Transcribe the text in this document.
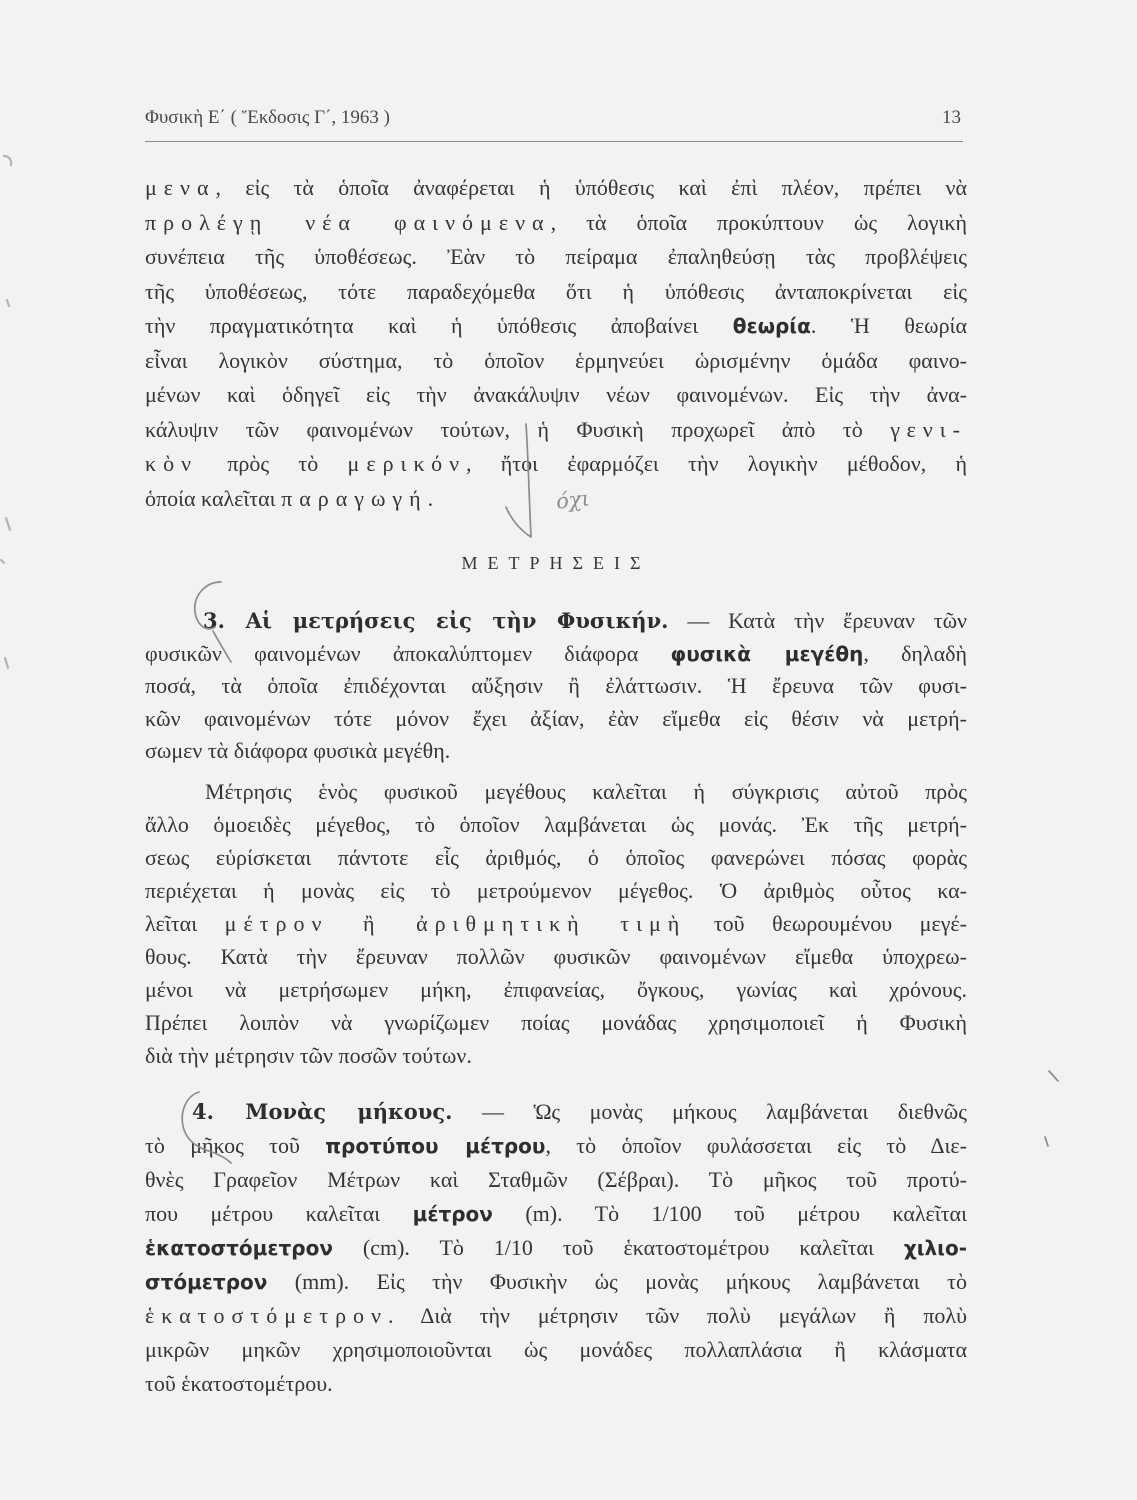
Φυσικὴ Ε΄ ( Ἔκδοσις Γ΄, 1963 )	13
μενα, εἰς τὰ ὁποῖα ἀναφέρεται ἡ ὑπόθεσις καὶ ἐπὶ πλέον, πρέπει νὰ
προλέγῃ νέα φαινόμενα, τὰ ὁποῖα προκύπτουν ὡς λογικὴ
συνέπεια τῆς ὑποθέσεως. Ἐὰν τὸ πείραμα ἐπαληθεύσῃ τὰς προβλέψεις
τῆς ὑποθέσεως, τότε παραδεχόμεθα ὅτι ἡ ὑπόθεσις ἀνταποκρίνεται εἰς
τὴν πραγματικότητα καὶ ἡ ὑπόθεσις ἀποβαίνει θεωρία. Ἡ θεωρία
εἶναι λογικὸν σύστημα, τὸ ὁποῖον ἑρμηνεύει ὡρισμένην ὁμάδα φαινο-
μένων καὶ ὁδηγεῖ εἰς τὴν ἀνακάλυψιν νέων φαινομένων. Εἰς τὴν ἀνα-
κάλυψιν τῶν φαινομένων τούτων, ἡ Φυσικὴ προχωρεῖ ἀπὸ τὸ γενι-
κὸν πρὸς τὸ μερικόν, ἤτοι ἐφαρμόζει τὴν λογικὴν μέθοδον, ἡ
ὁποία καλεῖται παραγωγή.	όχι
ΜΕΤΡΗΣΕΙΣ
3. Αἱ μετρήσεις εἰς τὴν Φυσικήν. — Κατὰ τὴν ἔρευναν τῶν
φυσικῶν φαινομένων ἀποκαλύπτομεν διάφορα φυσικὰ μεγέθη, δηλαδὴ
ποσά, τὰ ὁποῖα ἐπιδέχονται αὔξησιν ἢ ἐλάττωσιν. Ἡ ἔρευνα τῶν φυσι-
κῶν φαινομένων τότε μόνον ἔχει ἀξίαν, ἐὰν εἴμεθα εἰς θέσιν νὰ μετρή-
σωμεν τὰ διάφορα φυσικὰ μεγέθη.
Μέτρησις ἑνὸς φυσικοῦ μεγέθους καλεῖται ἡ σύγκρισις αὐτοῦ πρὸς
ἄλλο ὁμοειδὲς μέγεθος, τὸ ὁποῖον λαμβάνεται ὡς μονάς. Ἐκ τῆς μετρή-
σεως εὑρίσκεται πάντοτε εἷς ἀριθμός, ὁ ὁποῖος φανερώνει πόσας φορὰς
περιέχεται ἡ μονὰς εἰς τὸ μετρούμενον μέγεθος. Ὁ ἀριθμὸς οὗτος κα-
λεῖται μέτρον ἢ ἀριθμητικὴ τιμὴ τοῦ θεωρουμένου μεγέ-
θους. Κατὰ τὴν ἔρευναν πολλῶν φυσικῶν φαινομένων εἴμεθα ὑποχρεω-
μένοι νὰ μετρήσωμεν μήκη, ἐπιφανείας, ὄγκους, γωνίας καὶ χρόνους.
Πρέπει λοιπὸν νὰ γνωρίζωμεν ποίας μονάδας χρησιμοποιεῖ ἡ Φυσικὴ
διὰ τὴν μέτρησιν τῶν ποσῶν τούτων.
4. Μονὰς μήκους. — Ὡς μονὰς μήκους λαμβάνεται διεθνῶς
τὸ μῆκος τοῦ προτύπου μέτρου, τὸ ὁποῖον φυλάσσεται εἰς τὸ Διε-
θνὲς Γραφεῖον Μέτρων καὶ Σταθμῶν (Σέβραι). Τὸ μῆκος τοῦ προτύ-
που μέτρου καλεῖται μέτρον (m). Τὸ 1/100 τοῦ μέτρου καλεῖται
ἑκατοστόμετρον (cm). Τὸ 1/10 τοῦ ἑκατοστομέτρου καλεῖται χιλιο-
στόμετρον (mm). Εἰς τὴν Φυσικὴν ὡς μονὰς μήκους λαμβάνεται τὸ
ἑκατοστόμετρον. Διὰ τὴν μέτρησιν τῶν πολὺ μεγάλων ἢ πολὺ
μικρῶν μηκῶν χρησιμοποιοῦνται ὡς μονάδες πολλαπλάσια ἢ κλάσματα
τοῦ ἑκατοστομέτρου.
